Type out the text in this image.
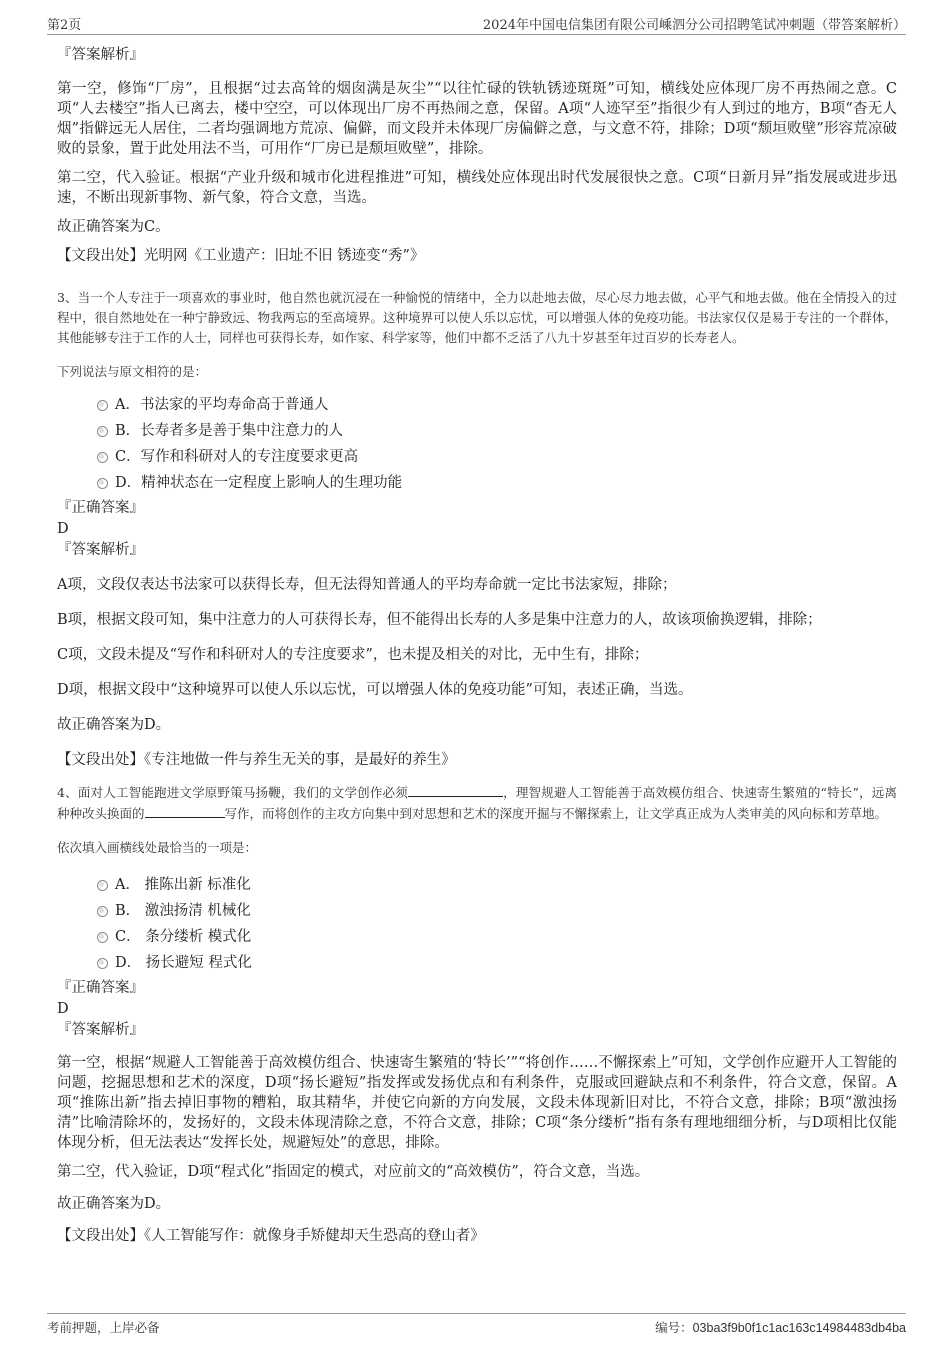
第2页	2024年中国电信集团有限公司嵊泗分公司招聘笔试冲刺题（带答案解析）
『答案解析』
第一空，修饰“厂房”，且根据“过去高耸的烟囱满是灰尘”“以往忙碌的铁轨锈迹斑斑”可知，横线处应体现厂房不再热闹之意。C项“人去楼空”指人已离去，楼中空空，可以体现出厂房不再热闹之意，保留。A项“人迹罕至”指很少有人到过的地方，B项“杳无人烟”指僻远无人居住，二者均强调地方荒凉、偏僻，而文段并未体现厂房偏僻之意，与文意不符，排除；D项“颓垣败壁”形容荒凉破败的景象，置于此处用法不当，可用作“厂房已是颓垣败壁”，排除。
第二空，代入验证。根据“产业升级和城市化进程推进”可知，横线处应体现出时代发展很快之意。C项“日新月异”指发展或进步迅速，不断出现新事物、新气象，符合文意，当选。
故正确答案为C。
【文段出处】光明网《工业遗产：旧址不旧 锈迹变“秀”》
3、当一个人专注于一项喜欢的事业时，他自然也就沉浸在一种愉悦的情绪中，全力以赴地去做，尽心尽力地去做，心平气和地去做。他在全情投入的过程中，很自然地处在一种宁静致远、物我两忘的至高境界。这种境界可以使人乐以忘忧，可以增强人体的免疫功能。书法家仅仅是易于专注的一个群体，其他能够专注于工作的人士，同样也可获得长寿，如作家、科学家等，他们中都不乏活了八九十岁甚至年过百岁的长寿老人。
下列说法与原文相符的是：
A．书法家的平均寿命高于普通人
B．长寿者多是善于集中注意力的人
C．写作和科研对人的专注度要求更高
D．精神状态在一定程度上影响人的生理功能
『正确答案』
D
『答案解析』
A项，文段仅表达书法家可以获得长寿，但无法得知普通人的平均寿命就一定比书法家短，排除；
B项，根据文段可知，集中注意力的人可获得长寿，但不能得出长寿的人多是集中注意力的人，故该项偷换逻辑，排除；
C项，文段未提及“写作和科研对人的专注度要求”，也未提及相关的对比，无中生有，排除；
D项，根据文段中“这种境界可以使人乐以忘忧，可以增强人体的免疫功能”可知，表述正确，当选。
故正确答案为D。
【文段出处】《专注地做一件与养生无关的事，是最好的养生》
4、面对人工智能跑进文学原野策马扬鞭，我们的文学创作必须	，理智规避人工智能善于高效模仿组合、快速寄生繁殖的“特长”，远离种种改头换面的	写作，而将创作的主攻方向集中到对思想和艺术的深度开掘与不懈探索上，让文学真正成为人类审美的风向标和芳草地。
依次填入画横线处最恰当的一项是：
A． 推陈出新 标准化
B． 激浊扬清 机械化
C． 条分缕析 模式化
D． 扬长避短 程式化
『正确答案』
D
『答案解析』
第一空，根据“规避人工智能善于高效模仿组合、快速寄生繁殖的‘特长’”“将创作……不懈探索上”可知，文学创作应避开人工智能的问题，挖掘思想和艺术的深度，D项“扬长避短”指发挥或发扬优点和有利条件，克服或回避缺点和不利条件，符合文意，保留。A项“推陈出新”指去掉旧事物的糟粕，取其精华，并使它向新的方向发展，文段未体现新旧对比，不符合文意，排除；B项“激浊扬清”比喻清除坏的，发扬好的，文段未体现清除之意，不符合文意，排除；C项“条分缕析”指有条有理地细细分析，与D项相比仅能体现分析，但无法表达“发挥长处，规避短处”的意思，排除。
第二空，代入验证，D项“程式化”指固定的模式，对应前文的“高效模仿”，符合文意，当选。
故正确答案为D。
【文段出处】《人工智能写作：就像身手矫健却天生恐高的登山者》
考前押题，上岸必备	编号：03ba3f9b0f1c1ac163c14984483db4ba
